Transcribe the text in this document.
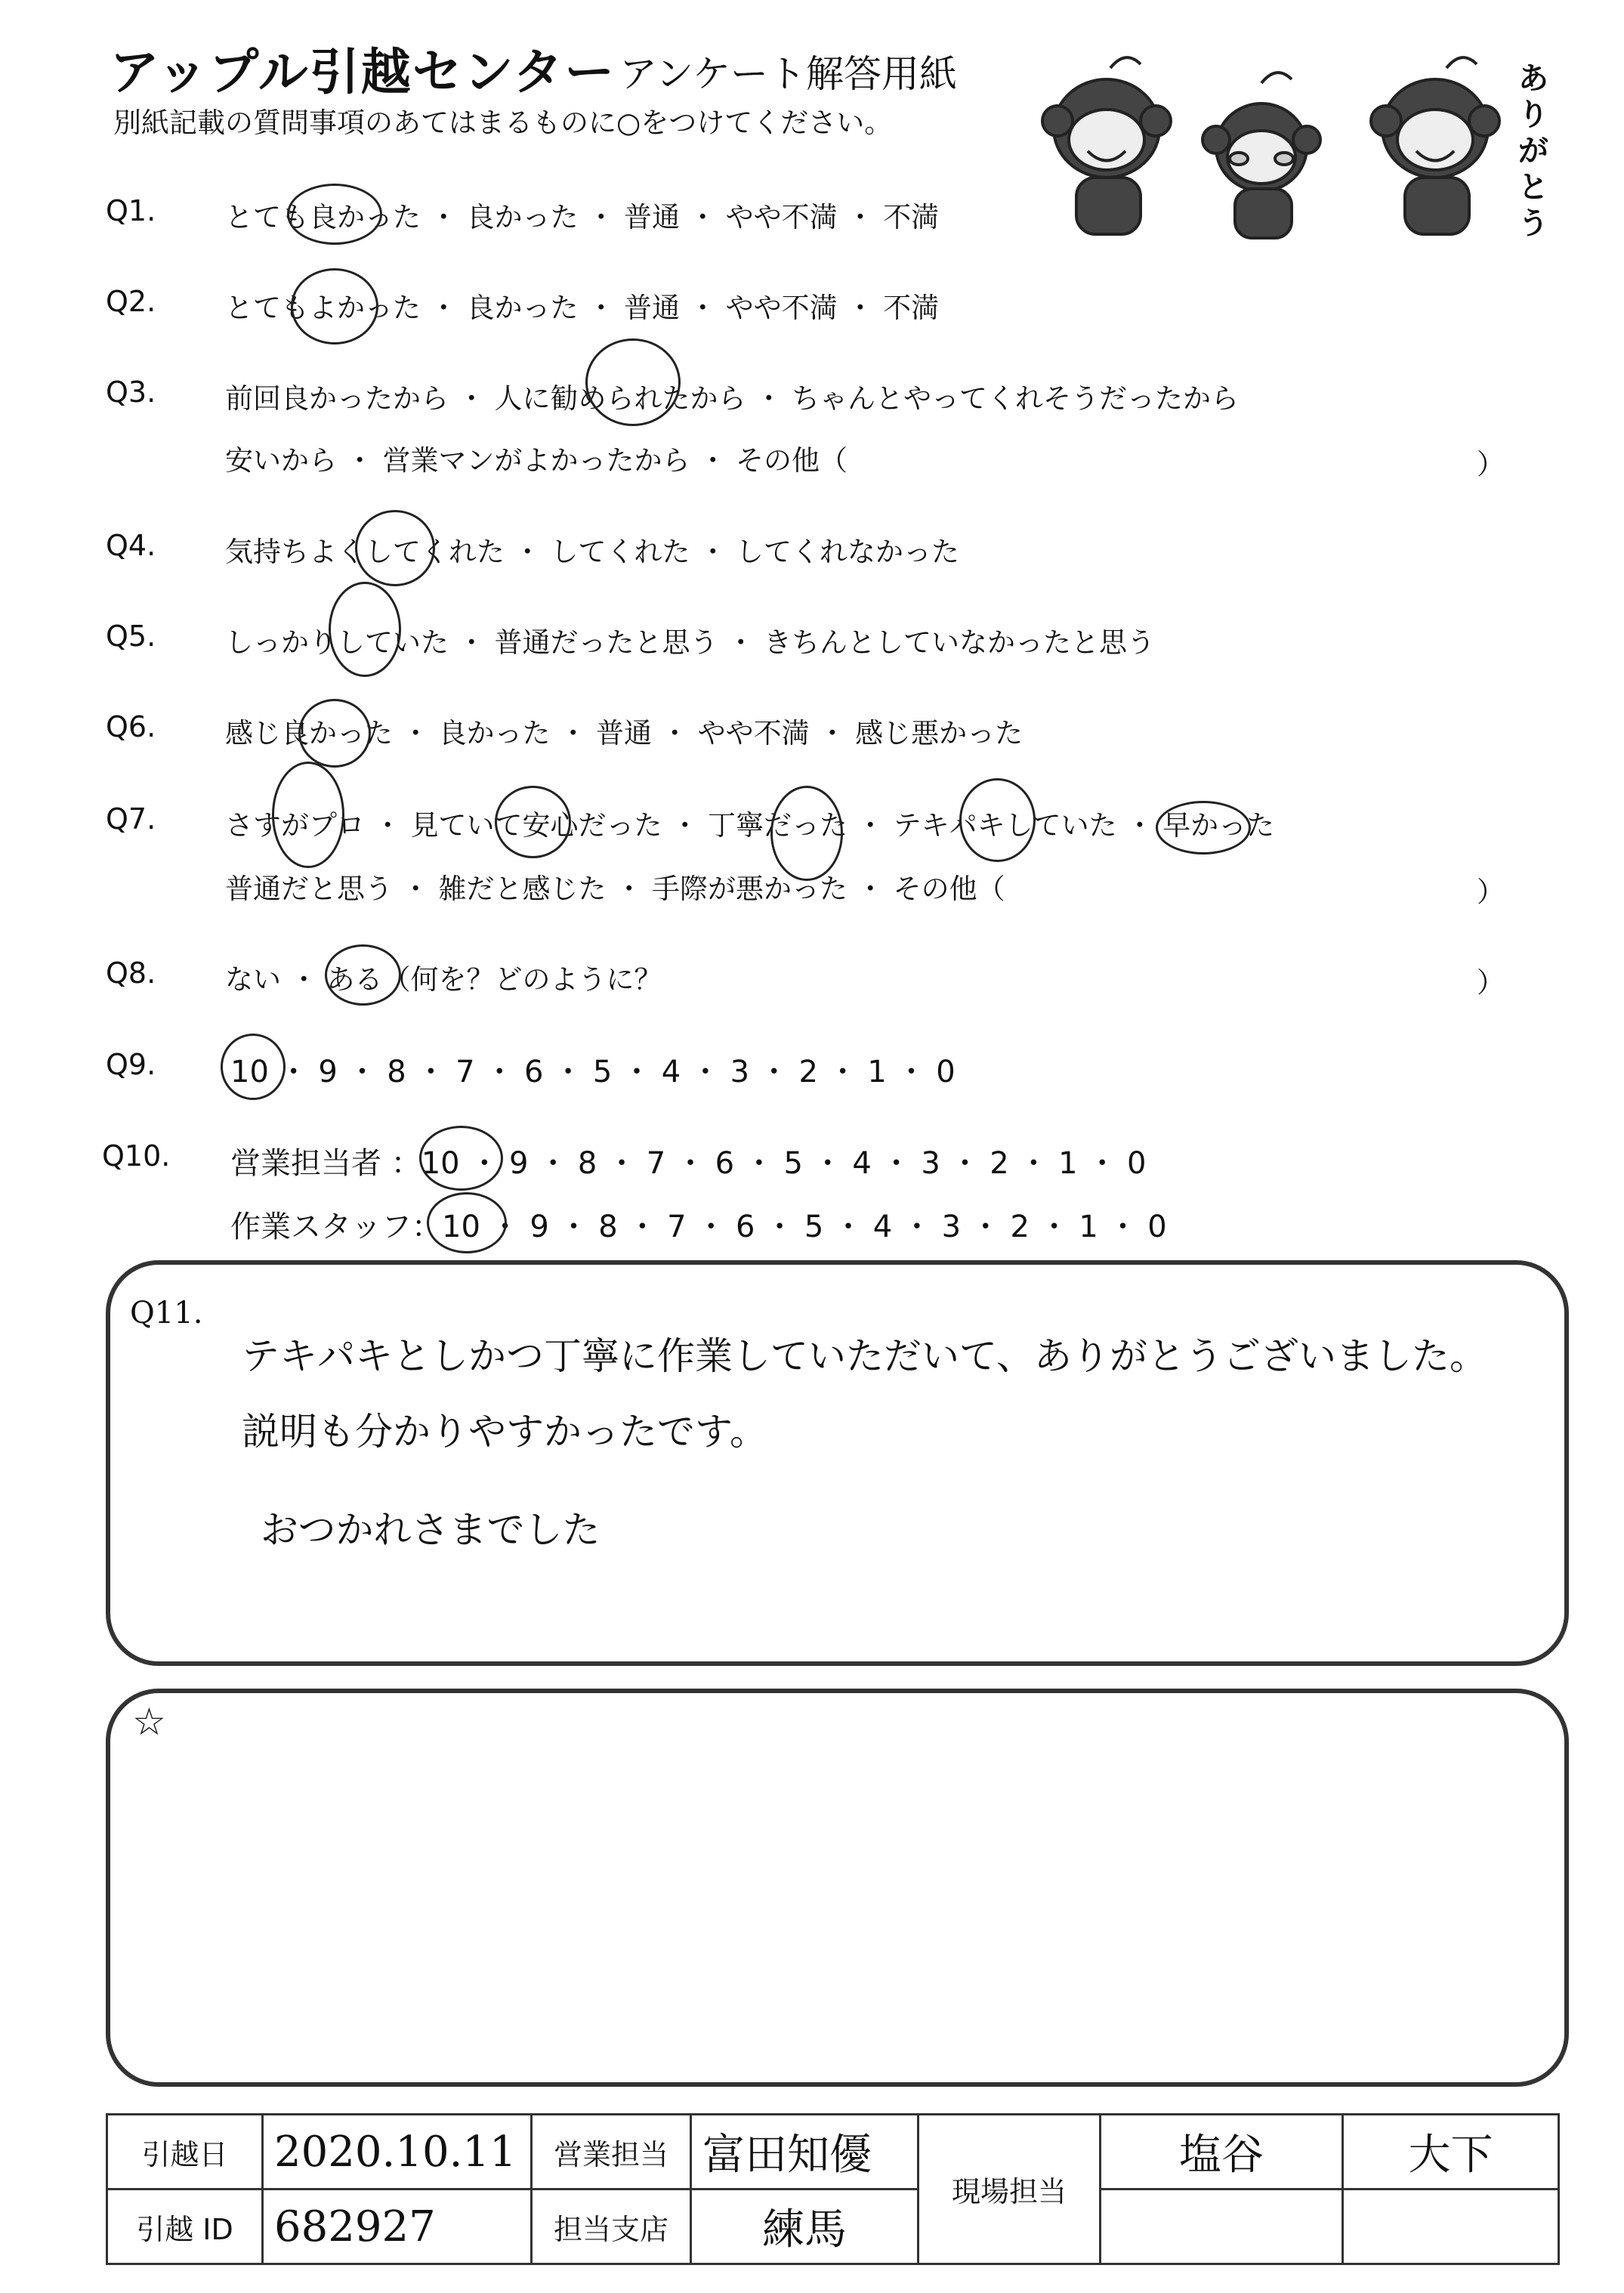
アップル引越センター アンケート解答用紙
別紙記載の質問事項のあてはまるものに○をつけてください。
ありがとう
Q1. とても良かった ・ 良かった ・ 普通 ・ やや不満 ・ 不満
Q2. とてもよかった ・ 良かった ・ 普通 ・ やや不満 ・ 不満
Q3. 前回良かったから ・ 人に勧められたから ・ ちゃんとやってくれそうだったから
安いから ・ 営業マンがよかったから ・ その他（	）
Q4. 気持ちよくしてくれた ・ してくれた ・ してくれなかった
Q5. しっかりしていた ・ 普通だったと思う ・ きちんとしていなかったと思う
Q6. 感じ良かった ・ 良かった ・ 普通 ・ やや不満 ・ 感じ悪かった
Q7. さすがプロ ・ 見ていて安心だった ・ 丁寧だった ・ テキパキしていた ・ 早かった
普通だと思う ・ 雑だと感じた ・ 手際が悪かった ・ その他（	）
Q8. ない ・ ある（何を？どのように？	）
Q9. 10 ・ 9 ・ 8 ・ 7 ・ 6 ・ 5 ・ 4 ・ 3 ・ 2 ・ 1 ・ 0
Q10. 営業担当者 ：10 ・ 9 ・ 8 ・ 7 ・ 6 ・ 5 ・ 4 ・ 3 ・ 2 ・ 1 ・ 0
作業スタッフ：10 ・ 9 ・ 8 ・ 7 ・ 6 ・ 5 ・ 4 ・ 3 ・ 2 ・ 1 ・ 0
Q11.
テキパキとしかつ丁寧に作業していただいて、ありがとうございました。
説明も分かりやすかったです。
おつかれさまでした
☆
引越日	2020.10.11	営業担当	富田知優	現場担当	塩谷	大下
引越 ID	682927	担当支店	練馬			
